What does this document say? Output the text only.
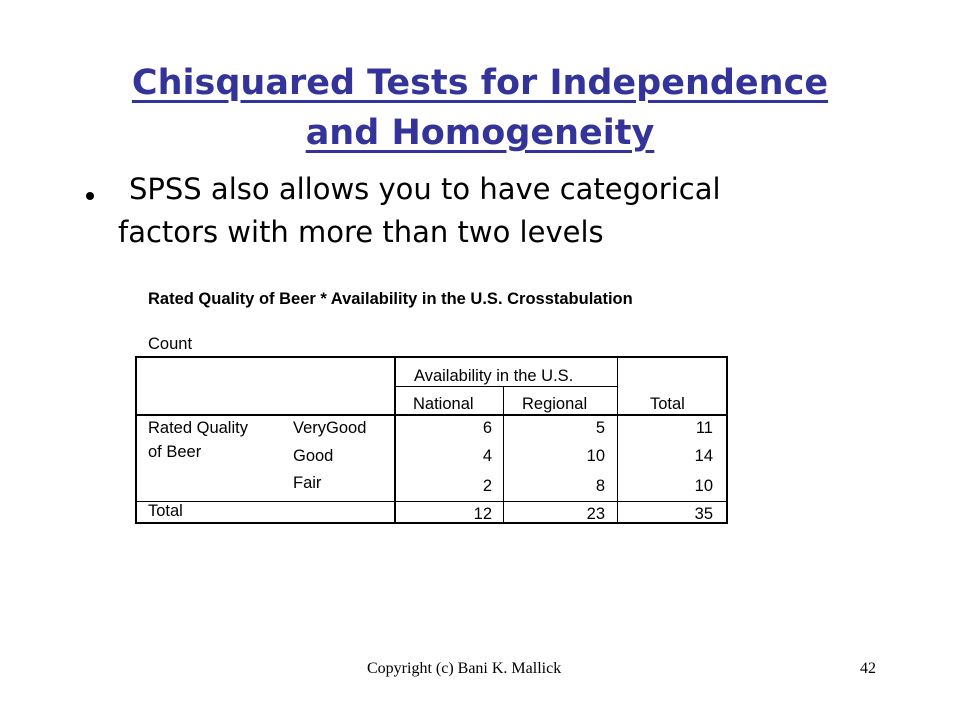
Chisquared Tests for Independence
and Homogeneity
SPSS also allows you to have categorical
factors with more than two levels
Rated Quality of Beer * Availability in the U.S. Crosstabulation
Count
Availability in the U.S.
National	Regional	Total
Rated Quality
of Beer
VeryGood	6	5	11
Good	4	10	14
Fair	2	8	10
Total	12	23	35
Copyright (c) Bani K. Mallick	42
